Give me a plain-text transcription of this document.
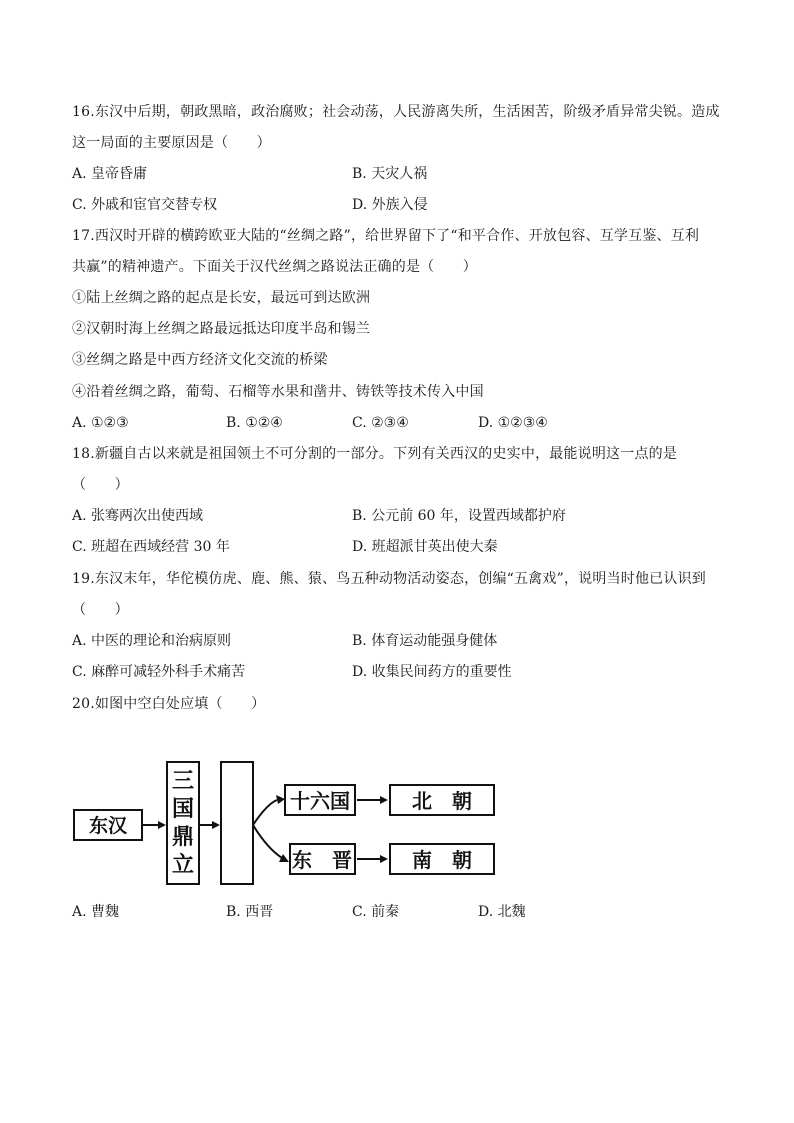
16.东汉中后期，朝政黑暗，政治腐败；社会动荡，人民游离失所，生活困苦，阶级矛盾异常尖锐。造成
这一局面的主要原因是（　　）
A. 皇帝昏庸	B. 天灾人祸
C. 外戚和宦官交替专权	D. 外族入侵
17.西汉时开辟的横跨欧亚大陆的“丝绸之路”，给世界留下了“和平合作、开放包容、互学互鉴、互利
共赢”的精神遗产。下面关于汉代丝绸之路说法正确的是（　　）
①陆上丝绸之路的起点是长安，最远可到达欧洲
②汉朝时海上丝绸之路最远抵达印度半岛和锡兰
③丝绸之路是中西方经济文化交流的桥梁
④沿着丝绸之路，葡萄、石榴等水果和凿井、铸铁等技术传入中国
A. ①②③	B. ①②④	C. ②③④	D. ①②③④
18.新疆自古以来就是祖国领土不可分割的一部分。下列有关西汉的史实中，最能说明这一点的是
（　　）
A. 张骞两次出使西域	B. 公元前 60 年，设置西域都护府
C. 班超在西域经营 30 年	D. 班超派甘英出使大秦
19.东汉末年，华佗模仿虎、鹿、熊、猿、鸟五种动物活动姿态，创编“五禽戏”，说明当时他已认识到
（　　）
A. 中医的理论和治病原则	B. 体育运动能强身健体
C. 麻醉可减轻外科手术痛苦	D. 收集民间药方的重要性
20.如图中空白处应填（　　）
东汉
三
国
鼎
立
十六国
东　晋
北　朝
南　朝
A. 曹魏	B. 西晋	C. 前秦	D. 北魏
